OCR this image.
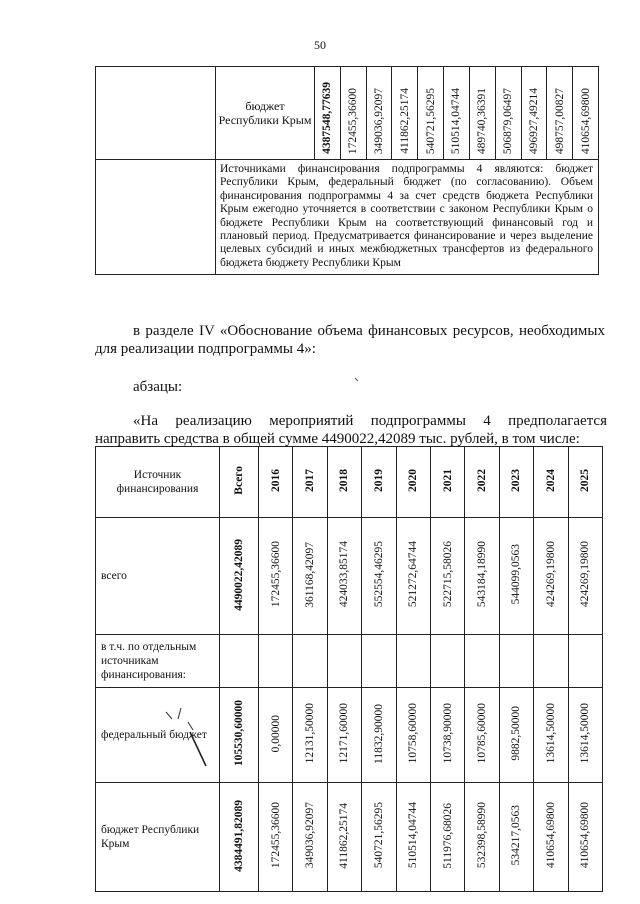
50
	бюджет Республики Крым	4387548,77639	172455,36600	349036,92097	411862,25174	540721,56295	510514,04744	489740,36391	506879,06497	496927,49214	498757,00827	410654,69800
	Источниками финансирования подпрограммы 4 являются: бюджет Республики Крым, федеральный бюджет (по согласованию). Объем финансирования подпрограммы 4 за счет средств бюджета Республики Крым ежегодно уточняется в соответствии с законом Республики Крым о бюджете Республики Крым на соответствующий финансовый год и плановый период. Предусматривается финансирование и через выделение целевых субсидий и иных межбюджетных трансфертов из федерального бюджета бюджету Республики Крым											
в разделе IV «Обоснование объема финансовых ресурсов, необходимых для реализации подпрограммы 4»:
абзацы:
«На реализацию мероприятий подпрограммы 4 предполагается направить средства в общей сумме 4490022,42089 тыс. рублей, в том числе:
Источник финансирования	Всего	2016	2017	2018	2019	2020	2021	2022	2023	2024	2025
всего	4490022,42089	172455,36600	361168,42097	424033,85174	552554,46295	521272,64744	522715,58026	543184,18990	544099,0563	424269,19800	424269,19800
в т.ч. по отдельным источникам финансирования:											
федеральный бюджет	105530,60000	0,00000	12131,50000	12171,60000	11832,90000	10758,60000	10738,90000	10785,60000	9882,50000	13614,50000	13614,50000
бюджет Республики Крым	4384491,82089	172455,36600	349036,92097	411862,25174	540721,56295	510514,04744	511976,68026	532398,58990	534217,0563	410654,69800	410654,69800
